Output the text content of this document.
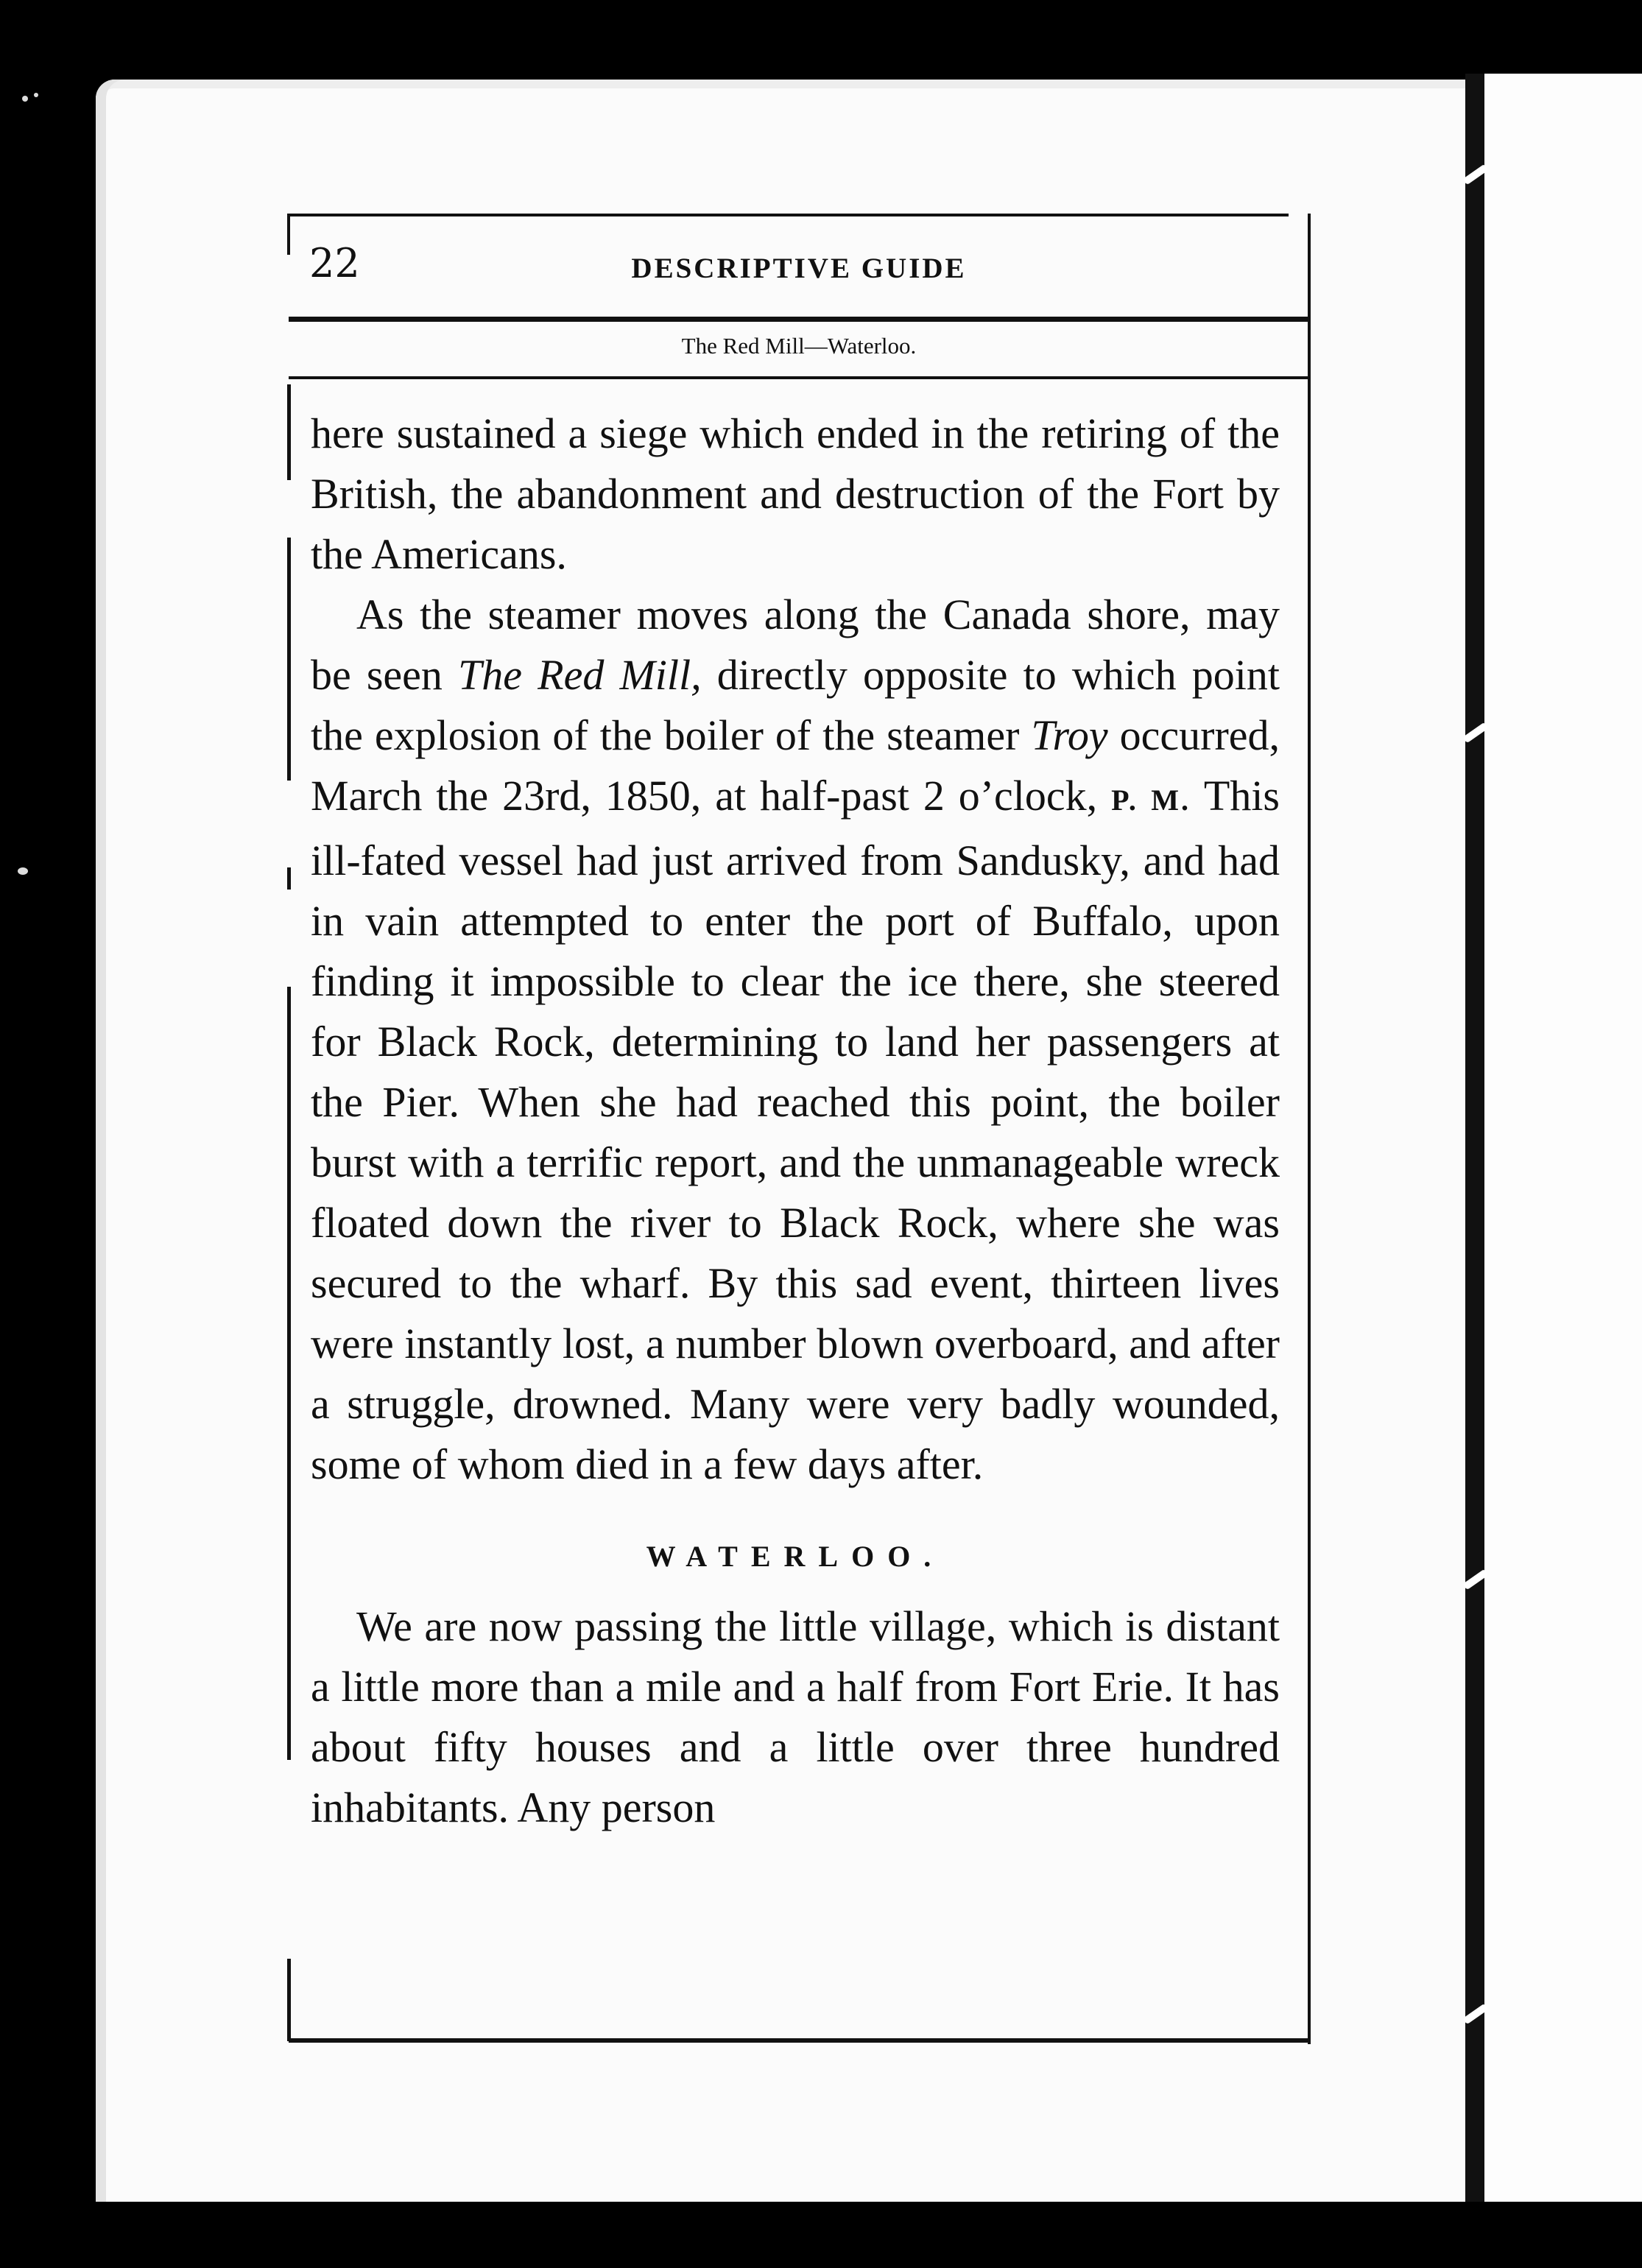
22	DESCRIPTIVE GUIDE
The Red Mill—Waterloo.

here sustained a siege which ended in the retiring of the British, the abandonment and destruction of the Fort by the Americans.

As the steamer moves along the Canada shore, may be seen The Red Mill, directly opposite to which point the explosion of the boiler of the steamer Troy occurred, March the 23rd, 1850, at half-past 2 o’clock, P. M. This ill-fated vessel had just arrived from Sandusky, and had in vain attempted to enter the port of Buffalo, upon finding it impossible to clear the ice there, she steered for Black Rock, determining to land her passengers at the Pier. When she had reached this point, the boiler burst with a terrific report, and the unmanageable wreck floated down the river to Black Rock, where she was secured to the wharf. By this sad event, thirteen lives were instantly lost, a number blown overboard, and after a struggle, drowned. Many were very badly wounded, some of whom died in a few days after.

WATERLOO.

We are now passing the little village, which is distant a little more than a mile and a half from Fort Erie. It has about fifty houses and a little over three hundred inhabitants. Any person
